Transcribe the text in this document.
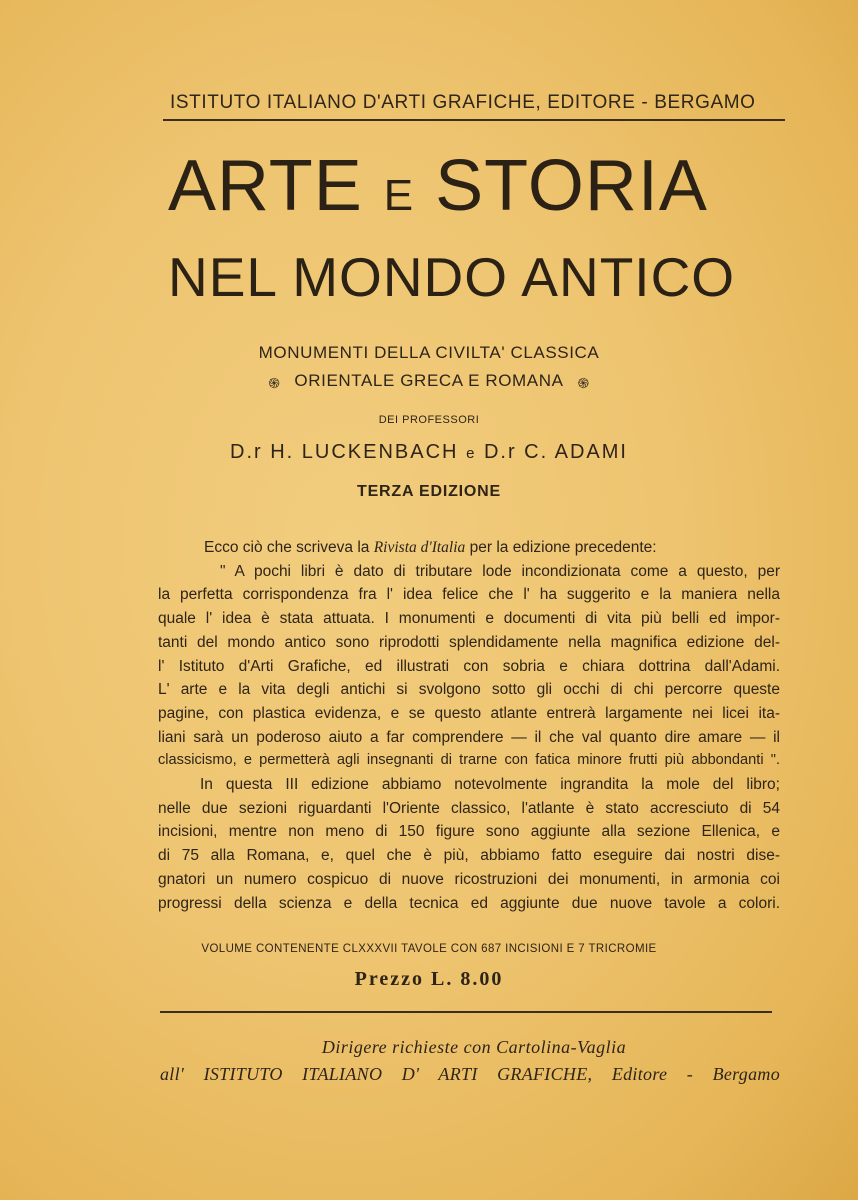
ISTITUTO ITALIANO D'ARTI GRAFICHE, EDITORE - BERGAMO
ARTE E STORIA
NEL MONDO ANTICO
MONUMENTI DELLA CIVILTA' CLASSICA
֍ ORIENTALE GRECA E ROMANA ֍
DEI PROFESSORI
D.r H. LUCKENBACH e D.r C. ADAMI
TERZA EDIZIONE
Ecco ciò che scriveva la Rivista d'Italia per la edizione precedente:
" A pochi libri è dato di tributare lode incondizionata come a questo, per
la perfetta corrispondenza fra l' idea felice che l' ha suggerito e la maniera nella
quale l' idea è stata attuata. I monumenti e documenti di vita più belli ed impor-
tanti del mondo antico sono riprodotti splendidamente nella magnifica edizione del-
l' Istituto d'Arti Grafiche, ed illustrati con sobria e chiara dottrina dall'Adami.
L' arte e la vita degli antichi si svolgono sotto gli occhi di chi percorre queste
pagine, con plastica evidenza, e se questo atlante entrerà largamente nei licei ita-
liani sarà un poderoso aiuto a far comprendere — il che val quanto dire amare — il
classicismo, e permetterà agli insegnanti di trarne con fatica minore frutti più abbondanti ".
In questa III edizione abbiamo notevolmente ingrandita la mole del libro;
nelle due sezioni riguardanti l'Oriente classico, l'atlante è stato accresciuto di 54
incisioni, mentre non meno di 150 figure sono aggiunte alla sezione Ellenica, e
di 75 alla Romana, e, quel che è più, abbiamo fatto eseguire dai nostri dise-
gnatori un numero cospicuo di nuove ricostruzioni dei monumenti, in armonia coi
progressi della scienza e della tecnica ed aggiunte due nuove tavole a colori.
VOLUME CONTENENTE CLXXXVII TAVOLE CON 687 INCISIONI E 7 TRICROMIE
Prezzo L. 8.00
Dirigere richieste con Cartolina-Vaglia
all' ISTITUTO ITALIANO D' ARTI GRAFICHE, Editore - Bergamo
